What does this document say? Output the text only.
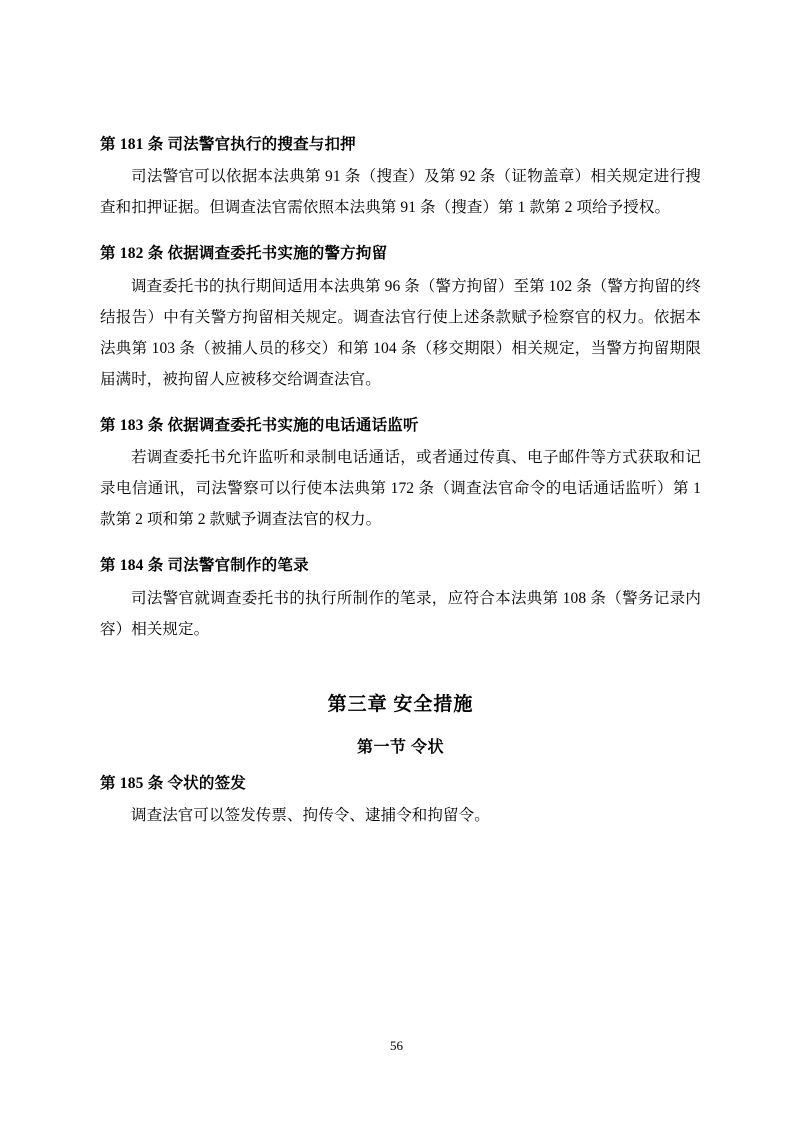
第 181 条 司法警官执行的搜查与扣押

司法警官可以依据本法典第 91 条（搜查）及第 92 条（证物盖章）相关规定进行搜查和扣押证据。但调查法官需依照本法典第 91 条（搜查）第 1 款第 2 项给予授权。

第 182 条 依据调查委托书实施的警方拘留

调查委托书的执行期间适用本法典第 96 条（警方拘留）至第 102 条（警方拘留的终结报告）中有关警方拘留相关规定。调查法官行使上述条款赋予检察官的权力。依据本法典第 103 条（被捕人员的移交）和第 104 条（移交期限）相关规定，当警方拘留期限届满时，被拘留人应被移交给调查法官。

第 183 条 依据调查委托书实施的电话通话监听

若调查委托书允许监听和录制电话通话，或者通过传真、电子邮件等方式获取和记录电信通讯，司法警察可以行使本法典第 172 条（调查法官命令的电话通话监听）第 1 款第 2 项和第 2 款赋予调查法官的权力。

第 184 条 司法警官制作的笔录

司法警官就调查委托书的执行所制作的笔录，应符合本法典第 108 条（警务记录内容）相关规定。

第三章 安全措施
第一节 令状

第 185 条 令状的签发

调查法官可以签发传票、拘传令、逮捕令和拘留令。

56
